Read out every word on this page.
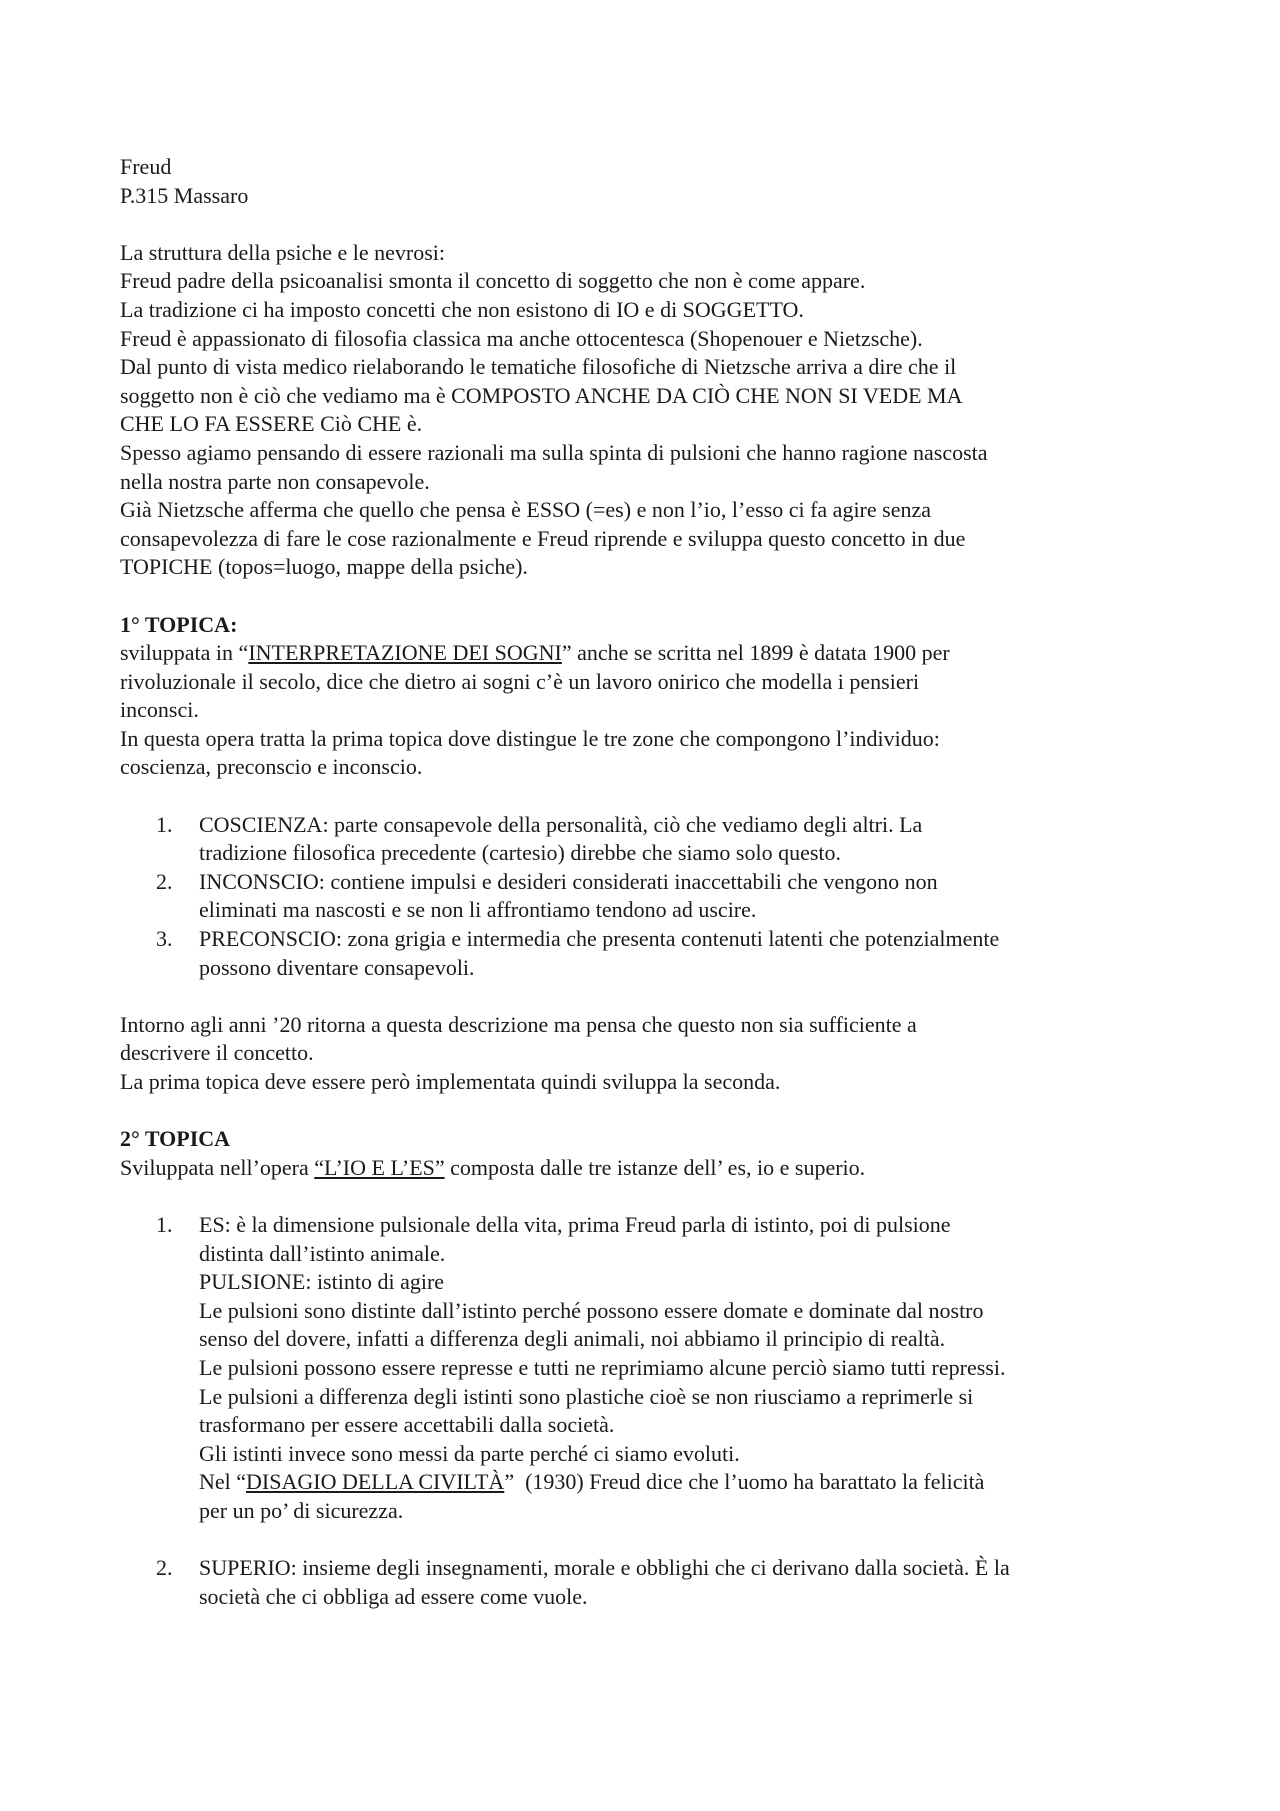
Freud

P.315 Massaro

La struttura della psiche e le nevrosi:

Freud padre della psicoanalisi smonta il concetto di soggetto che non è come appare.
La tradizione ci ha imposto concetti che non esistono di IO e di SOGGETTO.
Freud è appassionato di filosofia classica ma anche ottocentesca (Shopenouer e Nietzsche).
Dal punto di vista medico rielaborando le tematiche filosofiche di Nietzsche arriva a dire che il
soggetto non è ciò che vediamo ma è COMPOSTO ANCHE DA CIÒ CHE NON SI VEDE MA
CHE LO FA ESSERE Ciò CHE è.
Spesso agiamo pensando di essere razionali ma sulla spinta di pulsioni che hanno ragione nascosta
nella nostra parte non consapevole.
Già Nietzsche afferma che quello che pensa è ESSO (=es) e non l’io, l’esso ci fa agire senza
consapevolezza di fare le cose razionalmente e Freud riprende e sviluppa questo concetto in due
TOPICHE (topos=luogo, mappe della psiche).

1° TOPICA:

sviluppata in “INTERPRETAZIONE DEI SOGNI” anche se scritta nel 1899 è datata 1900 per
rivoluzionale il secolo, dice che dietro ai sogni c’è un lavoro onirico che modella i pensieri
inconsci.
In questa opera tratta la prima topica dove distingue le tre zone che compongono l’individuo:
coscienza, preconscio e inconscio.
1. COSCIENZA: parte consapevole della personalità, ciò che vediamo degli altri. La
tradizione filosofica precedente (cartesio) direbbe che siamo solo questo.
2. INCONSCIO: contiene impulsi e desideri considerati inaccettabili che vengono non
eliminati ma nascosti e se non li affrontiamo tendono ad uscire.
3. PRECONSCIO: zona grigia e intermedia che presenta contenuti latenti che potenzialmente
possono diventare consapevoli.
Intorno agli anni ’20 ritorna a questa descrizione ma pensa che questo non sia sufficiente a
descrivere il concetto.
La prima topica deve essere però implementata quindi sviluppa la seconda.

2° TOPICA

Sviluppata nell’opera “L’IO E L’ES” composta dalle tre istanze dell’ es, io e superio.
1. ES: è la dimensione pulsionale della vita, prima Freud parla di istinto, poi di pulsione
distinta dall’istinto animale.
PULSIONE: istinto di agire
Le pulsioni sono distinte dall’istinto perché possono essere domate e dominate dal nostro
senso del dovere, infatti a differenza degli animali, noi abbiamo il principio di realtà.
Le pulsioni possono essere represse e tutti ne reprimiamo alcune perciò siamo tutti repressi.
Le pulsioni a differenza degli istinti sono plastiche cioè se non riusciamo a reprimerle si
trasformano per essere accettabili dalla società.
Gli istinti invece sono messi da parte perché ci siamo evoluti.
Nel “DISAGIO DELLA CIVILTÀ”  (1930) Freud dice che l’uomo ha barattato la felicità
per un po’ di sicurezza.
2. SUPERIO: insieme degli insegnamenti, morale e obblighi che ci derivano dalla società. È la
società che ci obbliga ad essere come vuole.
